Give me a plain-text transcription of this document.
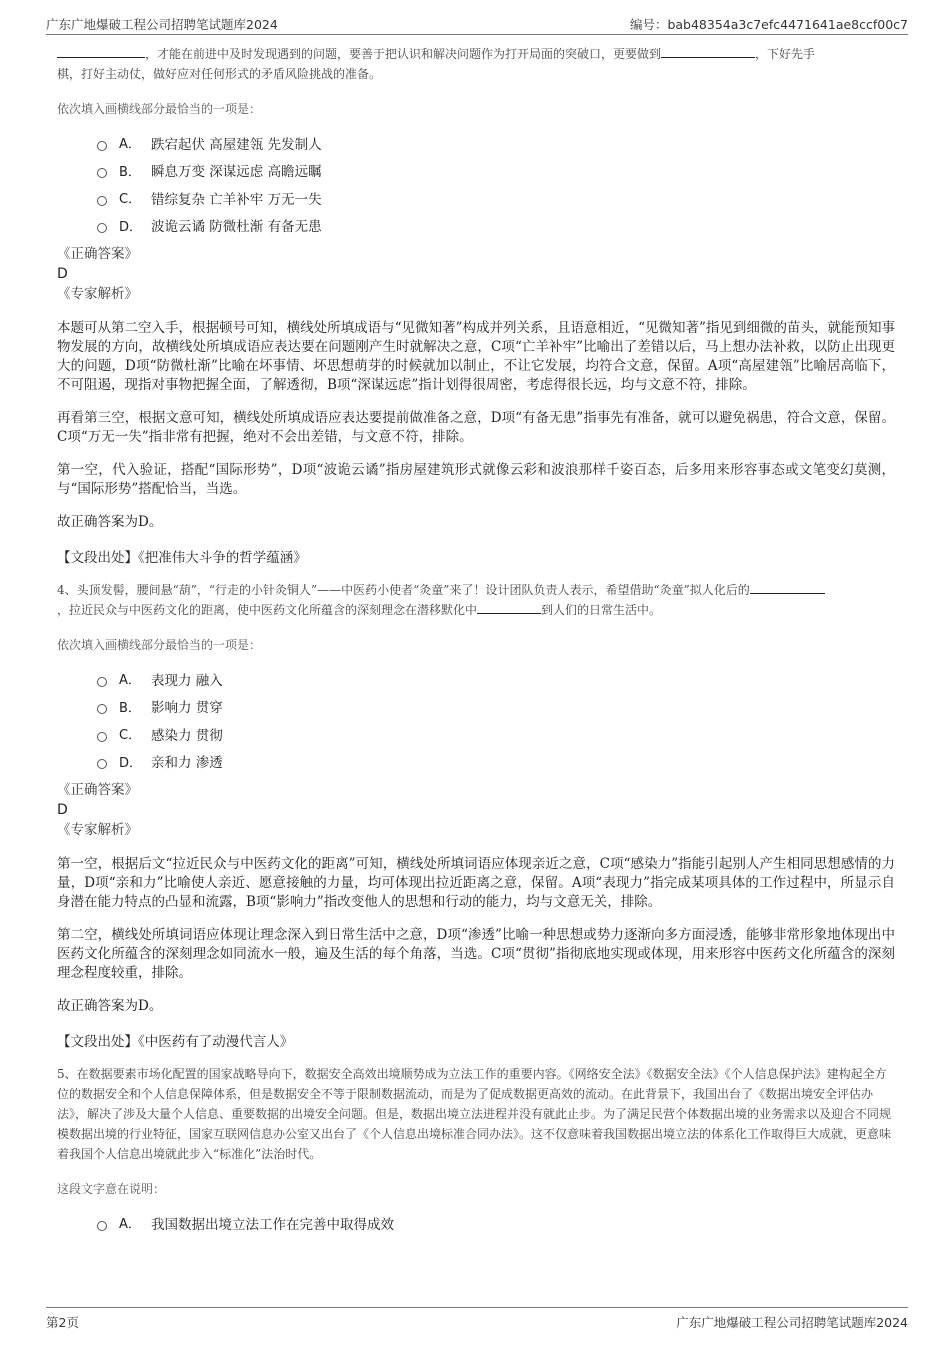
广东广地爆破工程公司招聘笔试题库2024	编号：bab48354a3c7efc4471641ae8ccf00c7

，才能在前进中及时发现遇到的问题，要善于把认识和解决问题作为打开局面的突破口，更要做到	，下好先手
棋，打好主动仗，做好应对任何形式的矛盾风险挑战的准备。

依次填入画横线部分最恰当的一项是：

A． 跌宕起伏 高屋建瓴 先发制人
B． 瞬息万变 深谋远虑 高瞻远瞩
C． 错综复杂 亡羊补牢 万无一失
D． 波诡云谲 防微杜渐 有备无患

《正确答案》

D

《专家解析》

本题可从第二空入手，根据顿号可知，横线处所填成语与“见微知著”构成并列关系，且语意相近，“见微知著”指见到细微的苗头，就能预知事物发展的方向，故横线处所填成语应表达要在问题刚产生时就解决之意，C项“亡羊补牢”比喻出了差错以后，马上想办法补救，以防止出现更大的问题，D项“防微杜渐”比喻在坏事情、坏思想萌芽的时候就加以制止，不让它发展，均符合文意，保留。A项“高屋建瓴”比喻居高临下，不可阻遏，现指对事物把握全面，了解透彻，B项“深谋远虑”指计划得很周密，考虑得很长远，均与文意不符，排除。

再看第三空，根据文意可知，横线处所填成语应表达要提前做准备之意，D项“有备无患”指事先有准备，就可以避免祸患，符合文意，保留。C项“万无一失”指非常有把握，绝对不会出差错，与文意不符，排除。

第一空，代入验证，搭配“国际形势”，D项“波诡云谲”指房屋建筑形式就像云彩和波浪那样千姿百态，后多用来形容事态或文笔变幻莫测，与“国际形势”搭配恰当，当选。

故正确答案为D。

【文段出处】《把准伟大斗争的哲学蕴涵》

4、头顶发髻，腰间悬“葫”，“行走的小针灸铜人”——中医药小使者“灸童”来了！设计团队负责人表示，希望借助“灸童”拟人化后的
，拉近民众与中医药文化的距离，使中医药文化所蕴含的深刻理念在潜移默化中	到人们的日常生活中。

依次填入画横线部分最恰当的一项是：

A． 表现力 融入
B． 影响力 贯穿
C． 感染力 贯彻
D． 亲和力 渗透

《正确答案》

D

《专家解析》

第一空，根据后文“拉近民众与中医药文化的距离”可知，横线处所填词语应体现亲近之意，C项“感染力”指能引起别人产生相同思想感情的力量，D项“亲和力”比喻使人亲近、愿意接触的力量，均可体现出拉近距离之意，保留。A项“表现力”指完成某项具体的工作过程中，所显示自身潜在能力特点的凸显和流露，B项“影响力”指改变他人的思想和行动的能力，均与文意无关，排除。

第二空，横线处所填词语应体现让理念深入到日常生活中之意，D项“渗透”比喻一种思想或势力逐渐向多方面浸透，能够非常形象地体现出中医药文化所蕴含的深刻理念如同流水一般，遍及生活的每个角落，当选。C项“贯彻”指彻底地实现或体现，用来形容中医药文化所蕴含的深刻理念程度较重，排除。

故正确答案为D。

【文段出处】《中医药有了动漫代言人》

5、在数据要素市场化配置的国家战略导向下，数据安全高效出境顺势成为立法工作的重要内容。《网络安全法》《数据安全法》《个人信息保护法》建构起全方位的数据安全和个人信息保障体系，但是数据安全不等于限制数据流动，而是为了促成数据更高效的流动。在此背景下，我国出台了《数据出境安全评估办法》，解决了涉及大量个人信息、重要数据的出境安全问题。但是，数据出境立法进程并没有就此止步。为了满足民营个体数据出境的业务需求以及迎合不同规模数据出境的行业特征，国家互联网信息办公室又出台了《个人信息出境标准合同办法》。这不仅意味着我国数据出境立法的体系化工作取得巨大成就，更意味着我国个人信息出境就此步入“标准化”法治时代。

这段文字意在说明：

A． 我国数据出境立法工作在完善中取得成效
第2页	广东广地爆破工程公司招聘笔试题库2024
